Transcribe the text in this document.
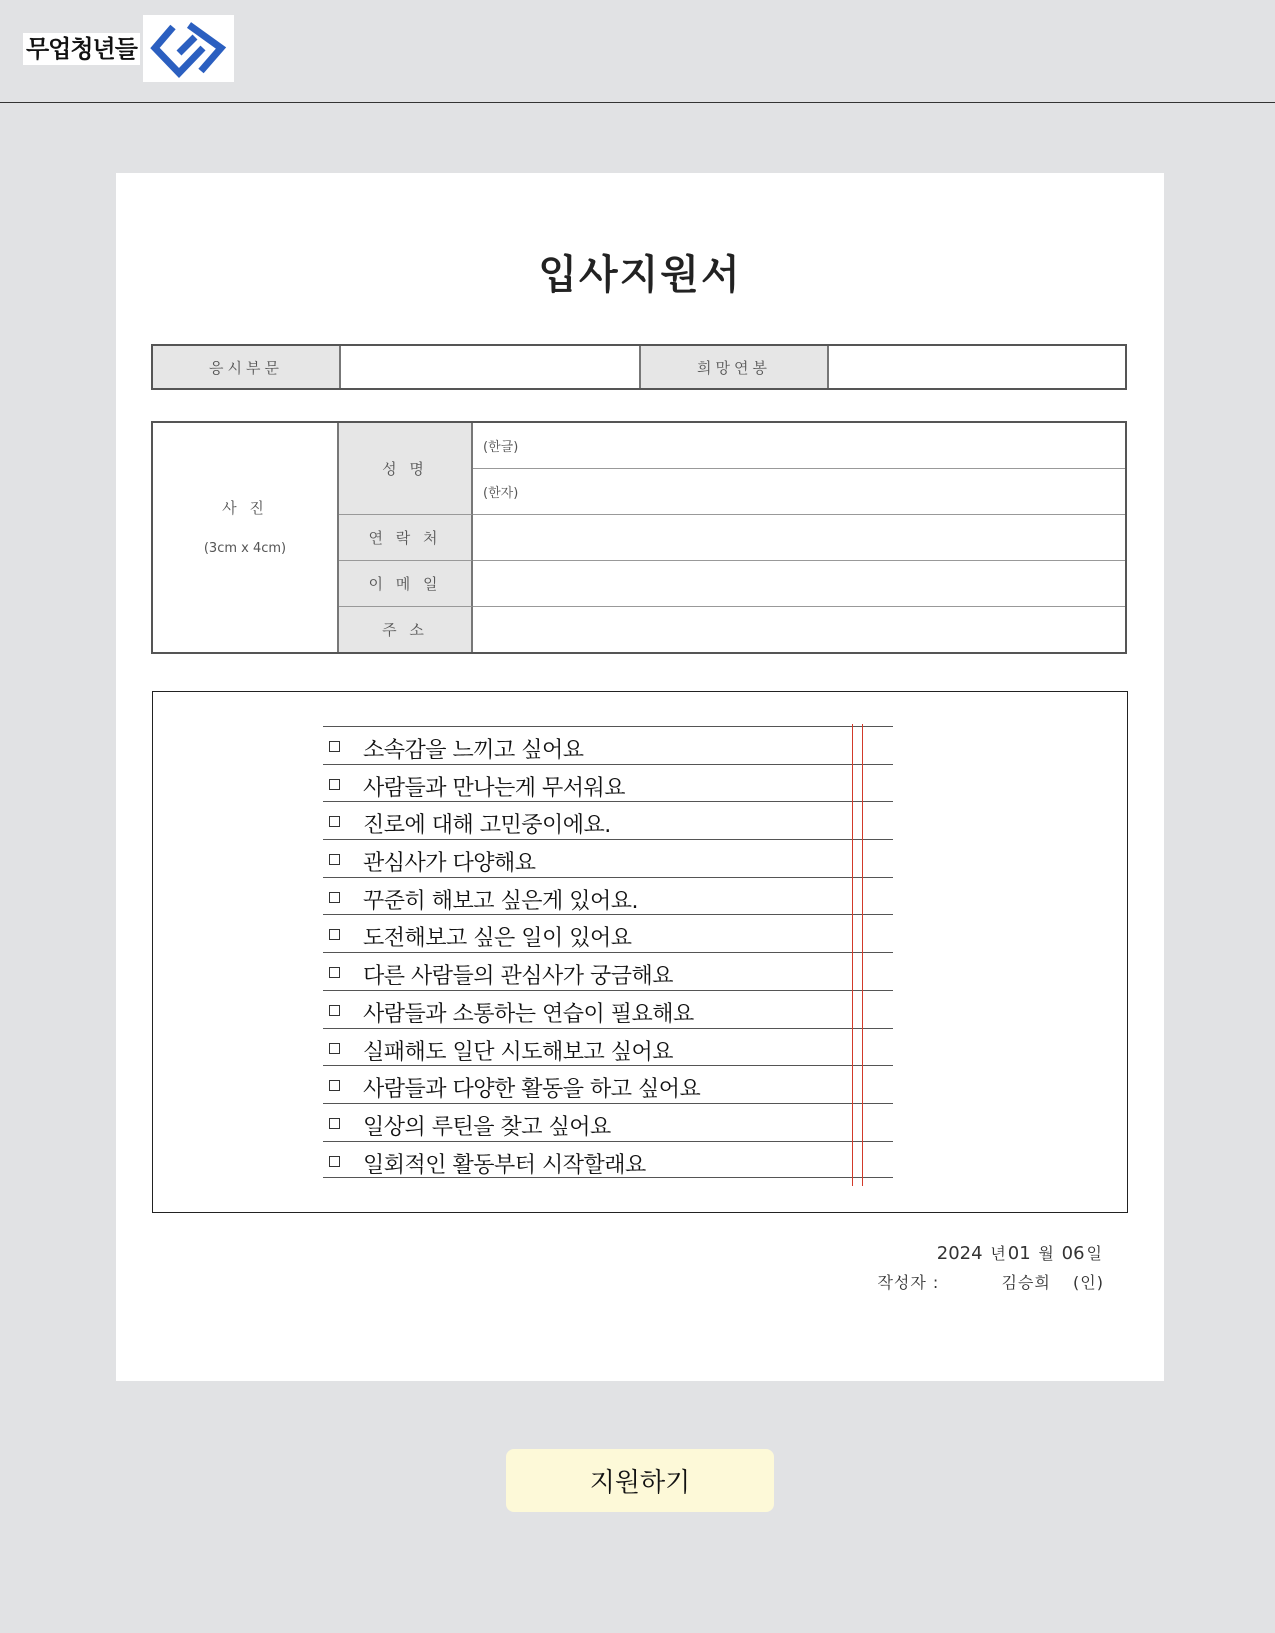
무업청년들
입사지원서
응시부문	희망연봉
사 진
(3cm x 4cm)
성 명
(한글)
(한자)
연 락 처
이 메 일
주 소
소속감을 느끼고 싶어요
사람들과 만나는게 무서워요
진로에 대해 고민중이에요.
관심사가 다양해요
꾸준히 해보고 싶은게 있어요.
도전해보고 싶은 일이 있어요
다른 사람들의 관심사가 궁금해요
사람들과 소통하는 연습이 필요해요
실패해도 일단 시도해보고 싶어요
사람들과 다양한 활동을 하고 싶어요
일상의 루틴을 찾고 싶어요
일회적인 활동부터 시작할래요
2024 년 01 월 06 일
작성자 :	김승희 (인)
지원하기
